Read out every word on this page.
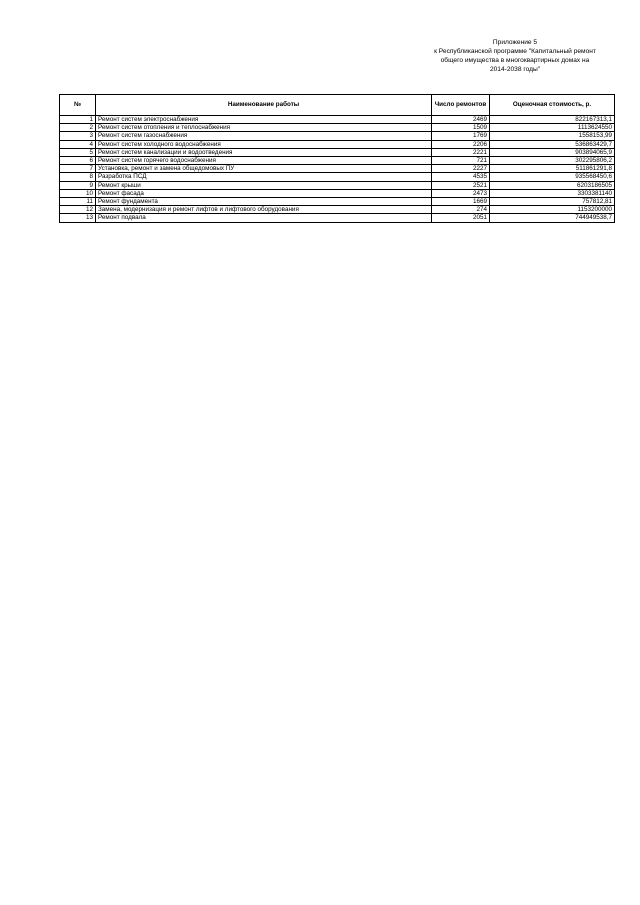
Приложение 5
к Республиканской программе "Капитальный ремонт
общего имущества в многоквартирных домах на
2014-2038 годы"
№	Наименование работы	Число ремонтов	Оценочная стоимость, р.
1	Ремонт систем электроснабжения	2469	822167313,1
2	Ремонт систем отопления и теплоснабжения	1509	1113624550
3	Ремонт систем газоснабжения	1769	1558153,99
4	Ремонт систем холодного водоснабжения	2206	536863429,7
5	Ремонт систем канализации и водоотведения	2221	903894065,9
6	Ремонт систем горячего водоснабжения	721	302295806,2
7	Установка, ремонт и замена общедомовых ПУ	2227	511861291,8
8	Разработка ПСД	4535	935568450,6
9	Ремонт крыши	2521	6203186505
10	Ремонт фасада	2473	3303381140
11	Ремонт фундамента	1669	757812,81
12	Замена, модернизация и ремонт лифтов и лифтового оборудования	274	1153200000
13	Ремонт подвала	2051	744949538,7
